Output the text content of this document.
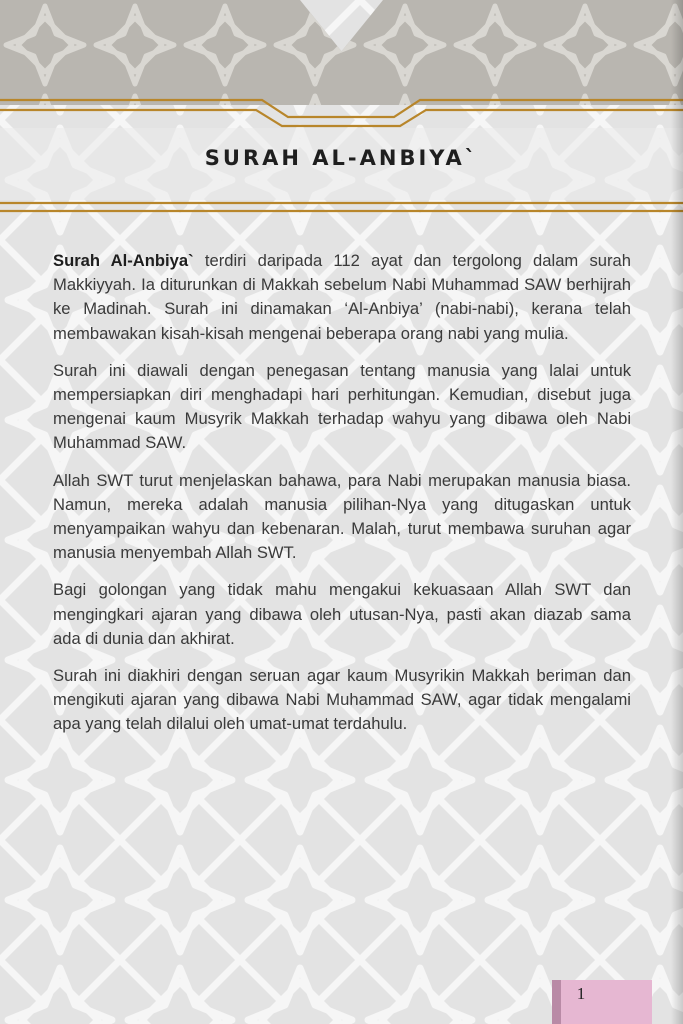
SURAH AL-ANBIYA`

Surah Al-Anbiya` terdiri daripada 112 ayat dan tergolong dalam surah Makkiyyah. Ia diturunkan di Makkah sebelum Nabi Muhammad SAW berhijrah ke Madinah. Surah ini dinamakan ‘Al-Anbiya’ (nabi-nabi), kerana telah membawakan kisah-kisah mengenai beberapa orang nabi yang mulia.

Surah ini diawali dengan penegasan tentang manusia yang lalai untuk mempersiapkan diri menghadapi hari perhitungan. Kemudian, disebut juga mengenai kaum Musyrik Makkah terhadap wahyu yang dibawa oleh Nabi Muhammad SAW.

Allah SWT turut menjelaskan bahawa, para Nabi merupakan manusia biasa. Namun, mereka adalah manusia pilihan-Nya yang ditugaskan untuk menyampaikan wahyu dan kebenaran. Malah, turut membawa suruhan agar manusia menyembah Allah SWT.

Bagi golongan yang tidak mahu mengakui kekuasaan Allah SWT dan mengingkari ajaran yang dibawa oleh utusan-Nya, pasti akan diazab sama ada di dunia dan akhirat.

Surah ini diakhiri dengan seruan agar kaum Musyrikin Makkah beriman dan mengikuti ajaran yang dibawa Nabi Muhammad SAW, agar tidak mengalami apa yang telah dilalui oleh umat-umat terdahulu.

1
